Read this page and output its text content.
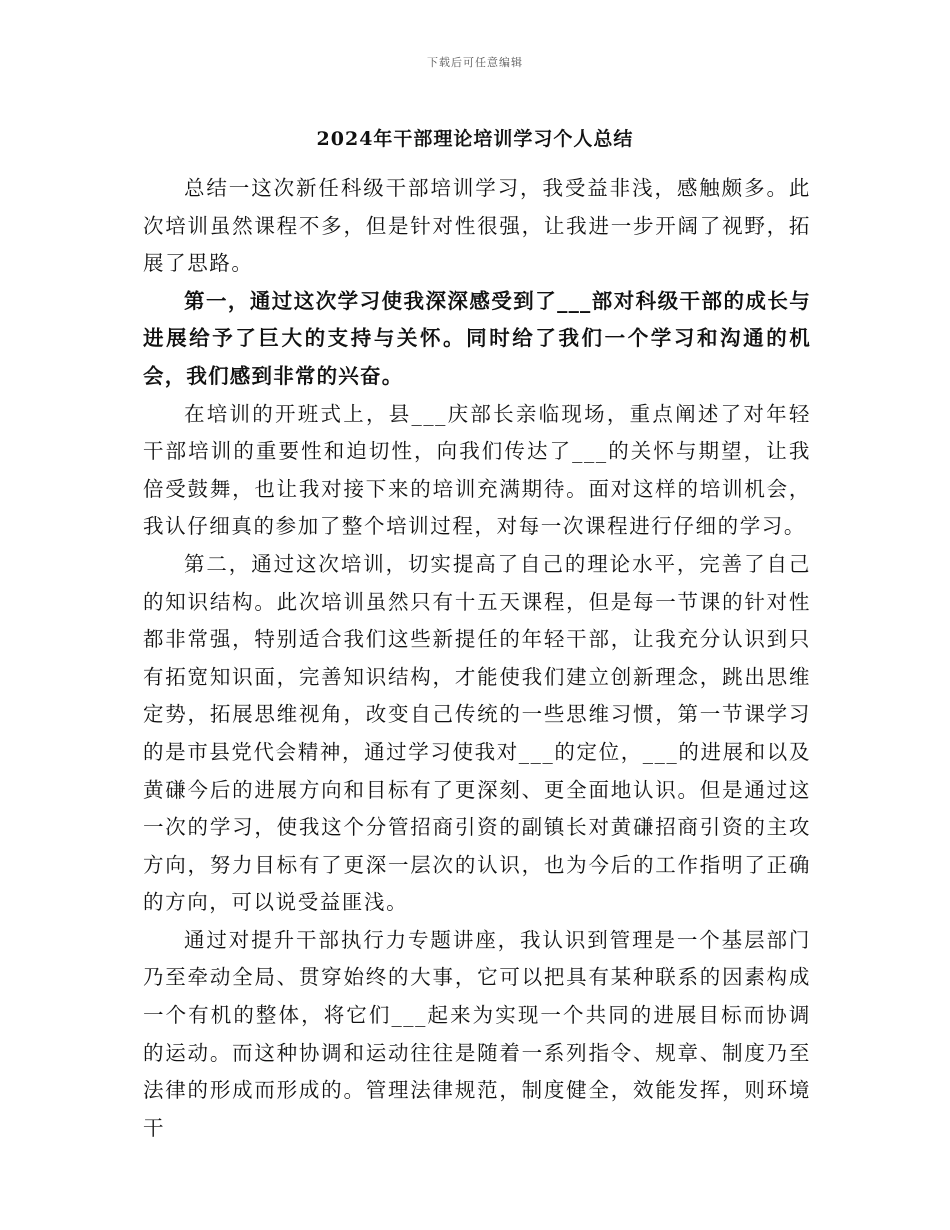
下载后可任意编辑
2024年干部理论培训学习个人总结

总结一这次新任科级干部培训学习，我受益非浅，感触颇多。此次培训虽然课程不多，但是针对性很强，让我进一步开阔了视野，拓展了思路。

第一，通过这次学习使我深深感受到了___部对科级干部的成长与进展给予了巨大的支持与关怀。同时给了我们一个学习和沟通的机会，我们感到非常的兴奋。

在培训的开班式上，县___庆部长亲临现场，重点阐述了对年轻干部培训的重要性和迫切性，向我们传达了___的关怀与期望，让我倍受鼓舞，也让我对接下来的培训充满期待。面对这样的培训机会，我认仔细真的参加了整个培训过程，对每一次课程进行仔细的学习。

第二，通过这次培训，切实提高了自己的理论水平，完善了自己的知识结构。此次培训虽然只有十五天课程，但是每一节课的针对性都非常强，特别适合我们这些新提任的年轻干部，让我充分认识到只有拓宽知识面，完善知识结构，才能使我们建立创新理念，跳出思维定势，拓展思维视角，改变自己传统的一些思维习惯，第一节课学习的是市县党代会精神，通过学习使我对___的定位，___的进展和以及黄磏今后的进展方向和目标有了更深刻、更全面地认识。但是通过这一次的学习，使我这个分管招商引资的副镇长对黄磏招商引资的主攻方向，努力目标有了更深一层次的认识，也为今后的工作指明了正确的方向，可以说受益匪浅。

通过对提升干部执行力专题讲座，我认识到管理是一个基层部门乃至牵动全局、贯穿始终的大事，它可以把具有某种联系的因素构成一个有机的整体，将它们___起来为实现一个共同的进展目标而协调的运动。而这种协调和运动往往是随着一系列指令、规章、制度乃至法律的形成而形成的。管理法律规范，制度健全，效能发挥，则环境干
